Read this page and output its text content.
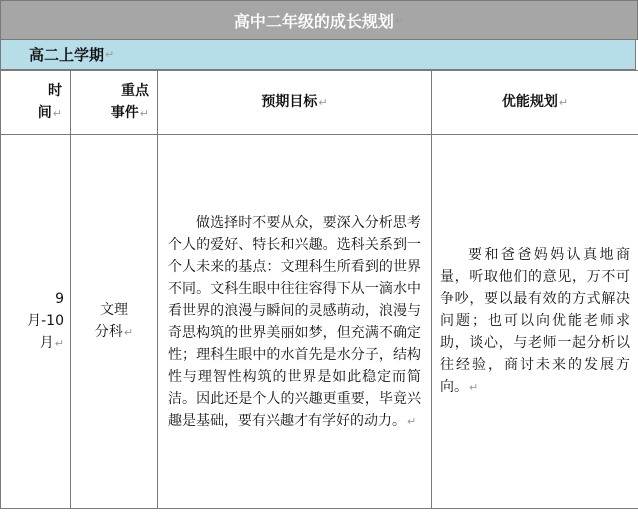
高中二年级的成长规划 ↵
高二上学期 ↵
时
间↵	重点
事件↵	预期目标↵	优能规划↵
9
月-10
月↵	文理
分科↵	做选择时不要从众，要深入分析思考个人的爱好、特长和兴趣。选科关系到一个人未来的基点：文理科生所看到的世界不同。文科生眼中往往容得下从一滴水中看世界的浪漫与瞬间的灵感萌动，浪漫与奇思构筑的世界美丽如梦，但充满不确定性；理科生眼中的水首先是水分子，结构性与理智性构筑的世界是如此稳定而简洁。因此还是个人的兴趣更重要，毕竟兴趣是基础，要有兴趣才有学好的动力。↵	要和爸爸妈妈认真地商量，听取他们的意见，万不可争吵，要以最有效的方式解决问题；也可以向优能老师求助，谈心，与老师一起分析以往经验，商讨未来的发展方向。↵
